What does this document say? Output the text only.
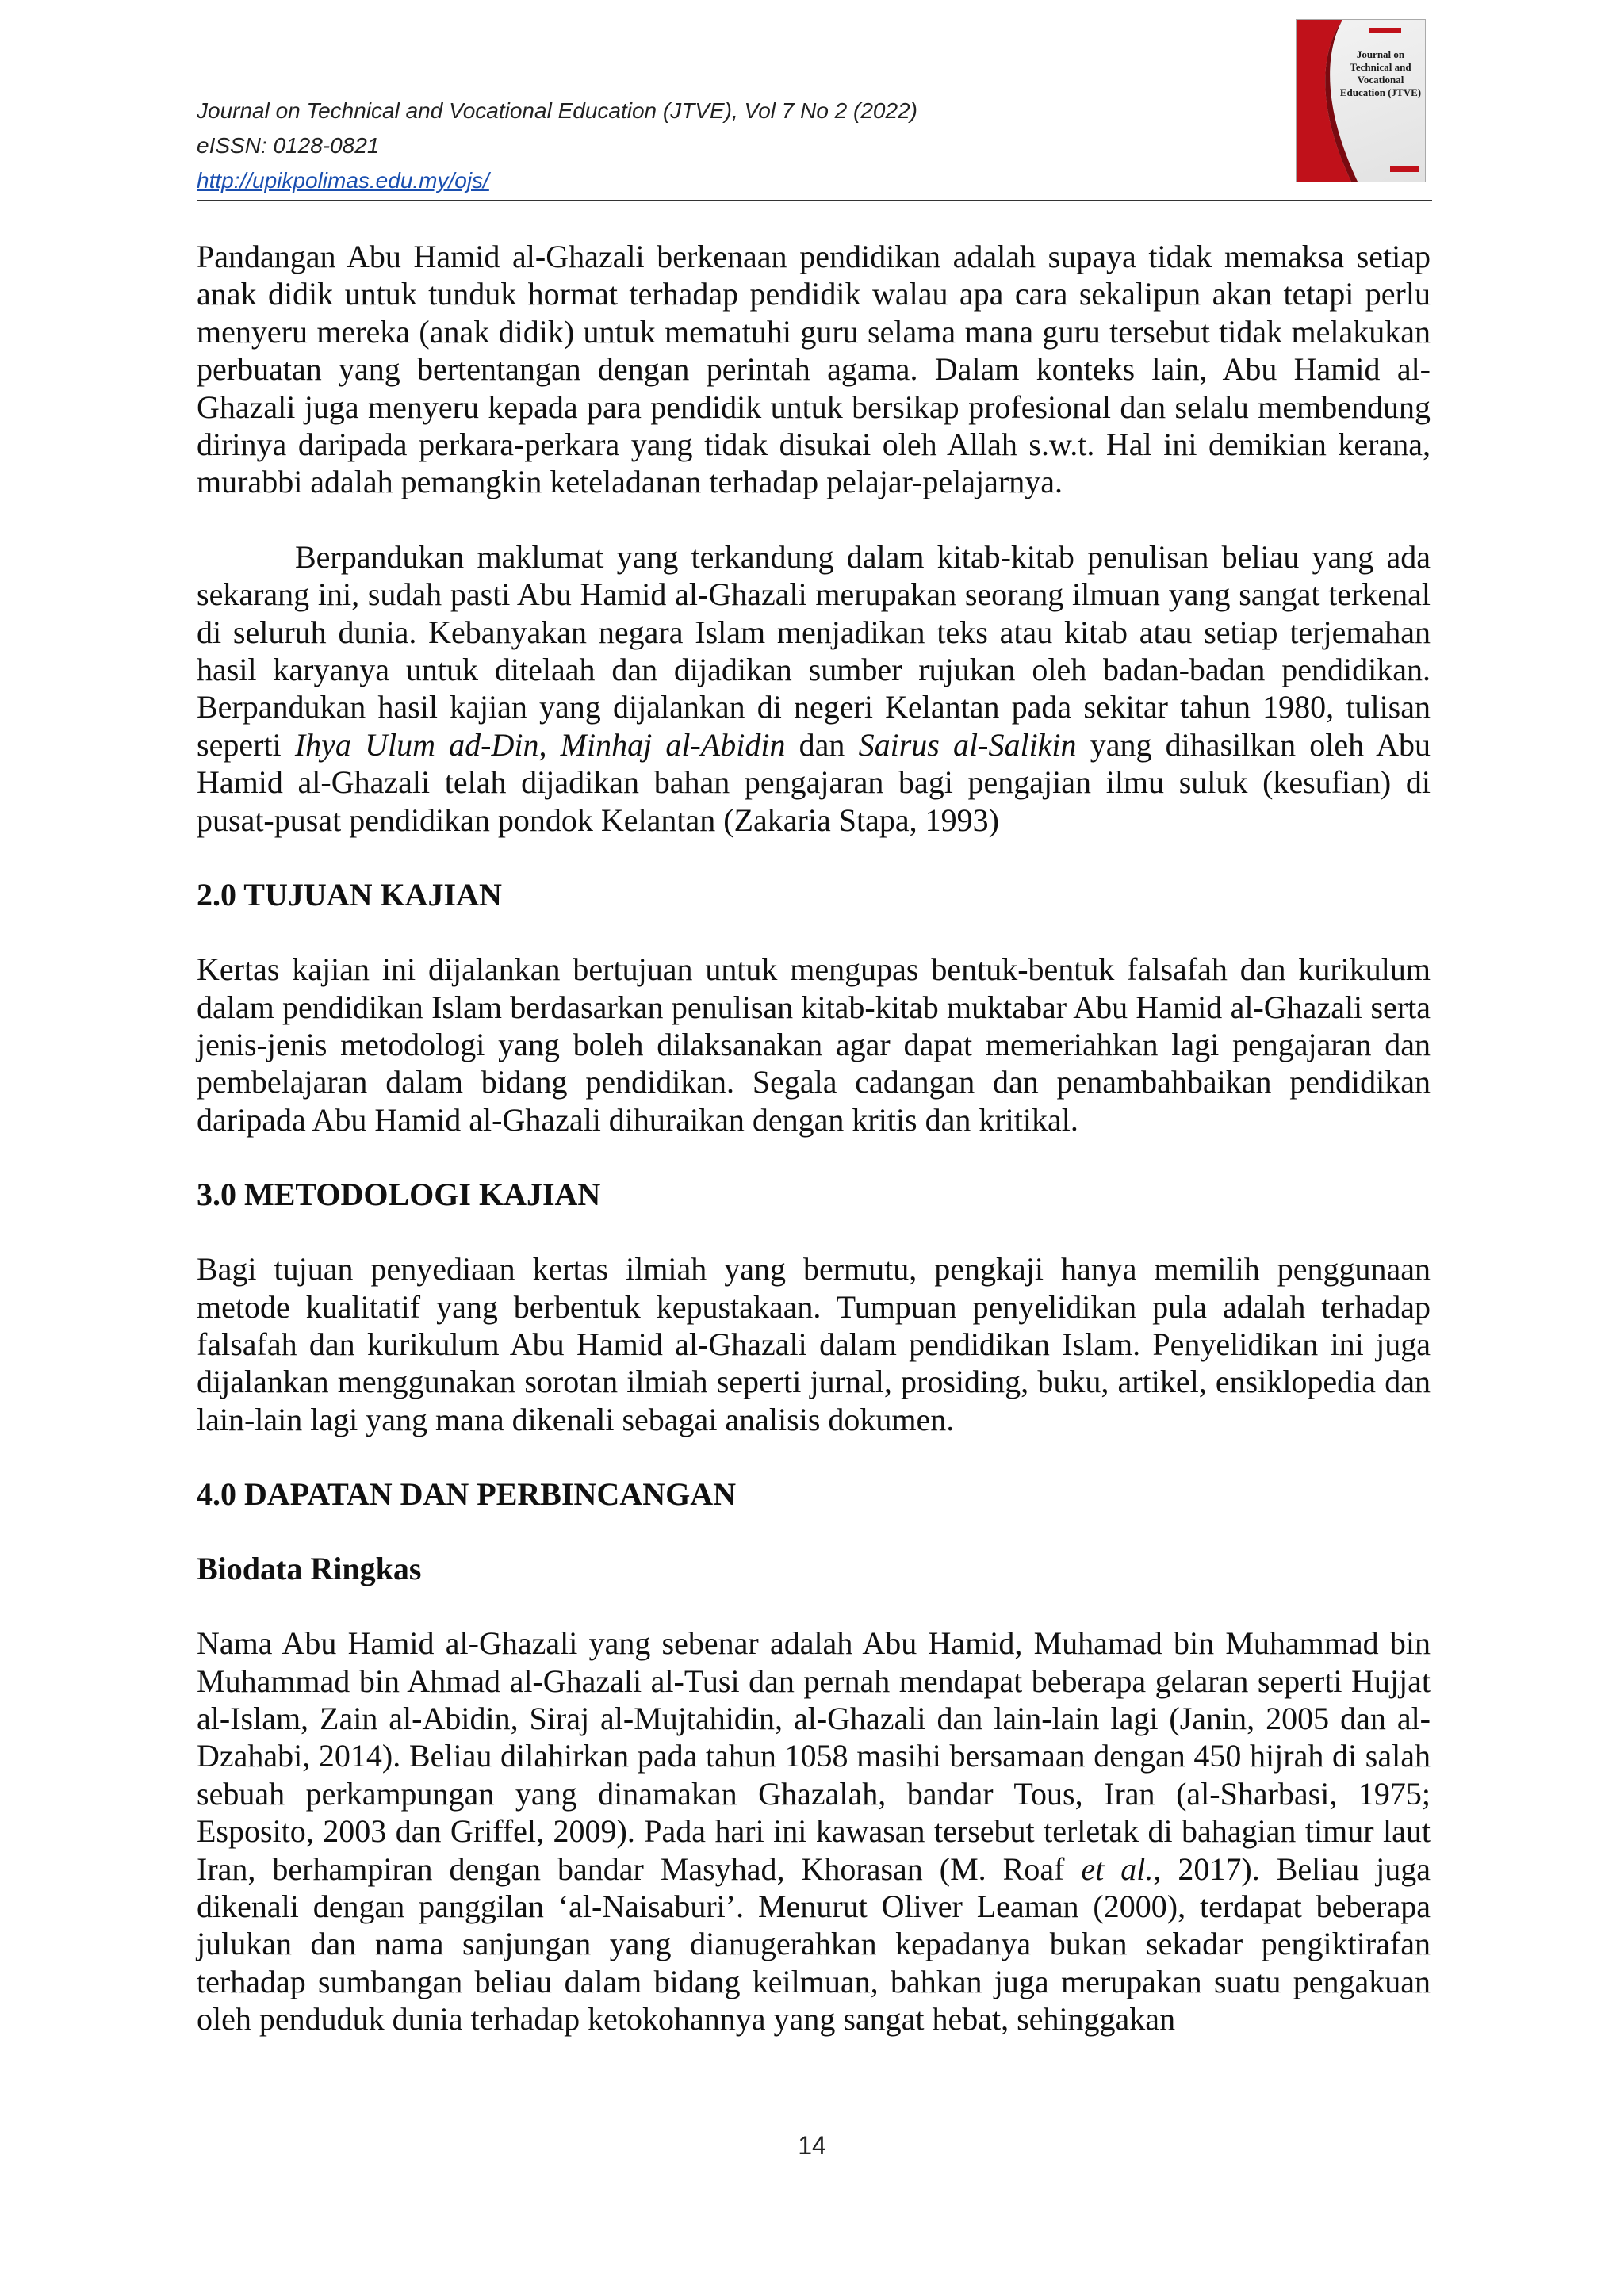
Journal on Technical and Vocational Education (JTVE), Vol 7 No 2 (2022)
eISSN: 0128-0821
http://upikpolimas.edu.my/ojs/
Journal on Technical and Vocational Education (JTVE)

Pandangan Abu Hamid al-Ghazali berkenaan pendidikan adalah supaya tidak memaksa setiap anak didik untuk tunduk hormat terhadap pendidik walau apa cara sekalipun akan tetapi perlu menyeru mereka (anak didik) untuk mematuhi guru selama mana guru tersebut tidak melakukan perbuatan yang bertentangan dengan perintah agama. Dalam konteks lain, Abu Hamid al-Ghazali juga menyeru kepada para pendidik untuk bersikap profesional dan selalu membendung dirinya daripada perkara-perkara yang tidak disukai oleh Allah s.w.t. Hal ini demikian kerana, murabbi adalah pemangkin keteladanan terhadap pelajar-pelajarnya.

Berpandukan maklumat yang terkandung dalam kitab-kitab penulisan beliau yang ada sekarang ini, sudah pasti Abu Hamid al-Ghazali merupakan seorang ilmuan yang sangat terkenal di seluruh dunia. Kebanyakan negara Islam menjadikan teks atau kitab atau setiap terjemahan hasil karyanya untuk ditelaah dan dijadikan sumber rujukan oleh badan-badan pendidikan. Berpandukan hasil kajian yang dijalankan di negeri Kelantan pada sekitar tahun 1980, tulisan seperti Ihya Ulum ad-Din, Minhaj al-Abidin dan Sairus al-Salikin yang dihasilkan oleh Abu Hamid al-Ghazali telah dijadikan bahan pengajaran bagi pengajian ilmu suluk (kesufian) di pusat-pusat pendidikan pondok Kelantan (Zakaria Stapa, 1993)

2.0 TUJUAN KAJIAN

Kertas kajian ini dijalankan bertujuan untuk mengupas bentuk-bentuk falsafah dan kurikulum dalam pendidikan Islam berdasarkan penulisan kitab-kitab muktabar Abu Hamid al-Ghazali serta jenis-jenis metodologi yang boleh dilaksanakan agar dapat memeriahkan lagi pengajaran dan pembelajaran dalam bidang pendidikan. Segala cadangan dan penambahbaikan pendidikan daripada Abu Hamid al-Ghazali dihuraikan dengan kritis dan kritikal.

3.0 METODOLOGI KAJIAN

Bagi tujuan penyediaan kertas ilmiah yang bermutu, pengkaji hanya memilih penggunaan metode kualitatif yang berbentuk kepustakaan. Tumpuan penyelidikan pula adalah terhadap falsafah dan kurikulum Abu Hamid al-Ghazali dalam pendidikan Islam. Penyelidikan ini juga dijalankan menggunakan sorotan ilmiah seperti jurnal, prosiding, buku, artikel, ensiklopedia dan lain-lain lagi yang mana dikenali sebagai analisis dokumen.

4.0 DAPATAN DAN PERBINCANGAN

Biodata Ringkas

Nama Abu Hamid al-Ghazali yang sebenar adalah Abu Hamid, Muhamad bin Muhammad bin Muhammad bin Ahmad al-Ghazali al-Tusi dan pernah mendapat beberapa gelaran seperti Hujjat al-Islam, Zain al-Abidin, Siraj al-Mujtahidin, al-Ghazali dan lain-lain lagi (Janin, 2005 dan al-Dzahabi, 2014). Beliau dilahirkan pada tahun 1058 masihi bersamaan dengan 450 hijrah di salah sebuah perkampungan yang dinamakan Ghazalah, bandar Tous, Iran (al-Sharbasi, 1975; Esposito, 2003 dan Griffel, 2009). Pada hari ini kawasan tersebut terletak di bahagian timur laut Iran, berhampiran dengan bandar Masyhad, Khorasan (M. Roaf et al., 2017). Beliau juga dikenali dengan panggilan ‘al-Naisaburi’. Menurut Oliver Leaman (2000), terdapat beberapa julukan dan nama sanjungan yang dianugerahkan kepadanya bukan sekadar pengiktirafan terhadap sumbangan beliau dalam bidang keilmuan, bahkan juga merupakan suatu pengakuan oleh penduduk dunia terhadap ketokohannya yang sangat hebat, sehinggakan

14
